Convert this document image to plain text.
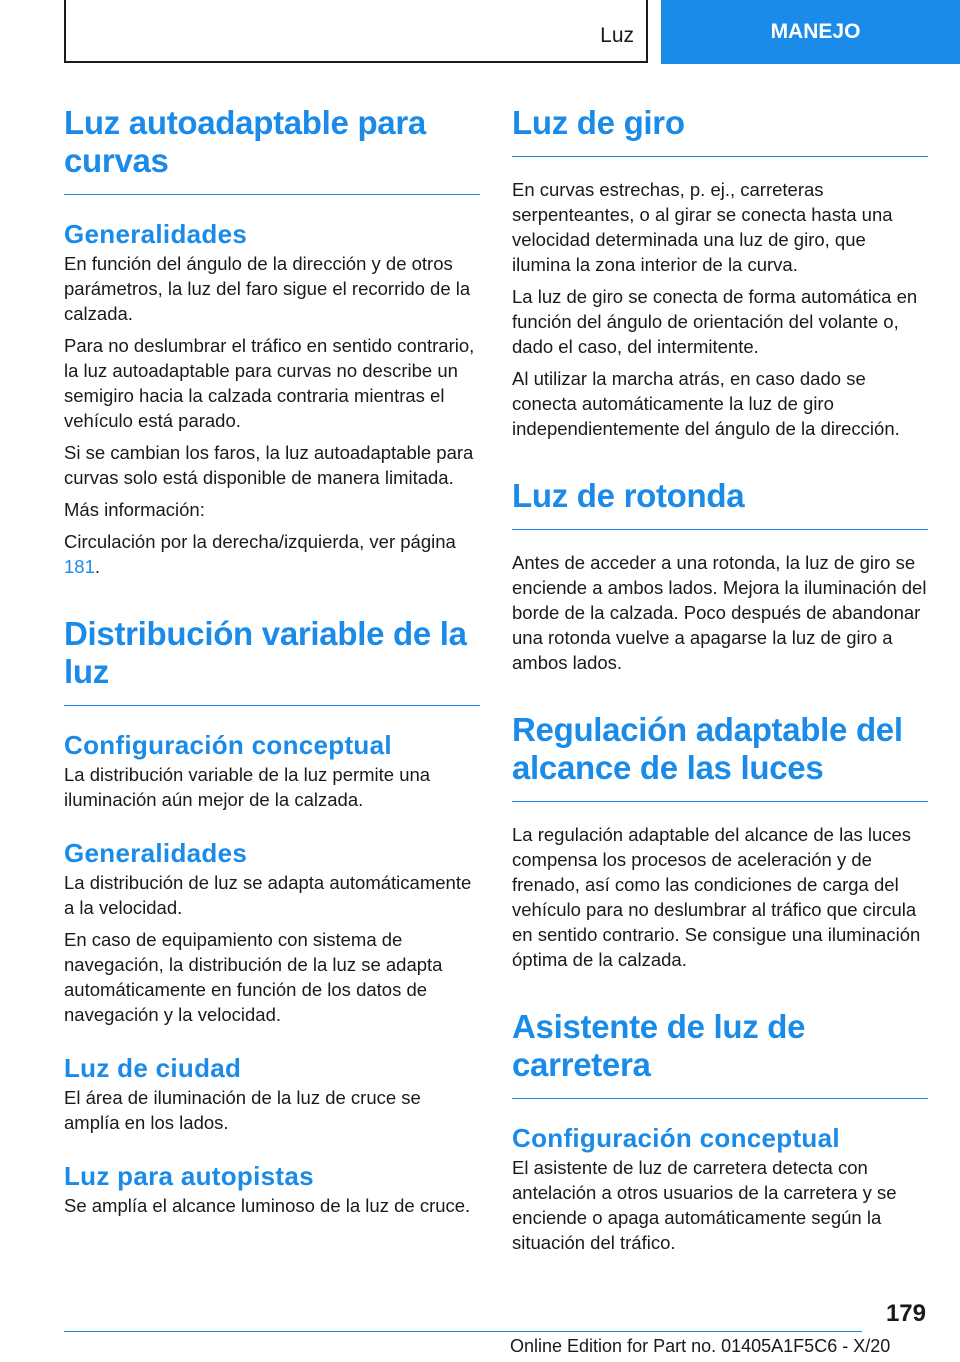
Luz	MANEJO
Luz autoadaptable para curvas
Generalidades

En función del ángulo de la dirección y de otros parámetros, la luz del faro sigue el recorrido de la calzada.

Para no deslumbrar el tráfico en sentido contrario, la luz autoadaptable para curvas no describe un semigiro hacia la calzada contraria mientras el vehículo está parado.

Si se cambian los faros, la luz autoadaptable para curvas solo está disponible de manera limitada.

Más información:

Circulación por la derecha/izquierda, ver página 181.

Distribución variable de la luz
Configuración conceptual

La distribución variable de la luz permite una iluminación aún mejor de la calzada.

Generalidades

La distribución de luz se adapta automáticamente a la velocidad.

En caso de equipamiento con sistema de navegación, la distribución de la luz se adapta automáticamente en función de los datos de navegación y la velocidad.

Luz de ciudad

El área de iluminación de la luz de cruce se amplía en los lados.

Luz para autopistas

Se amplía el alcance luminoso de la luz de cruce.

Luz de giro

En curvas estrechas, p. ej., carreteras serpenteantes, o al girar se conecta hasta una velocidad determinada una luz de giro, que ilumina la zona interior de la curva.

La luz de giro se conecta de forma automática en función del ángulo de orientación del volante o, dado el caso, del intermitente.

Al utilizar la marcha atrás, en caso dado se conecta automáticamente la luz de giro independientemente del ángulo de la dirección.

Luz de rotonda

Antes de acceder a una rotonda, la luz de giro se enciende a ambos lados. Mejora la iluminación del borde de la calzada. Poco después de abandonar una rotonda vuelve a apagarse la luz de giro a ambos lados.

Regulación adaptable del alcance de las luces

La regulación adaptable del alcance de las luces compensa los procesos de aceleración y de frenado, así como las condiciones de carga del vehículo para no deslumbrar al tráfico que circula en sentido contrario. Se consigue una iluminación óptima de la calzada.

Asistente de luz de carretera
Configuración conceptual

El asistente de luz de carretera detecta con antelación a otros usuarios de la carretera y se enciende o apaga automáticamente según la situación del tráfico.

179
Online Edition for Part no. 01405A1F5C6 - X/20
